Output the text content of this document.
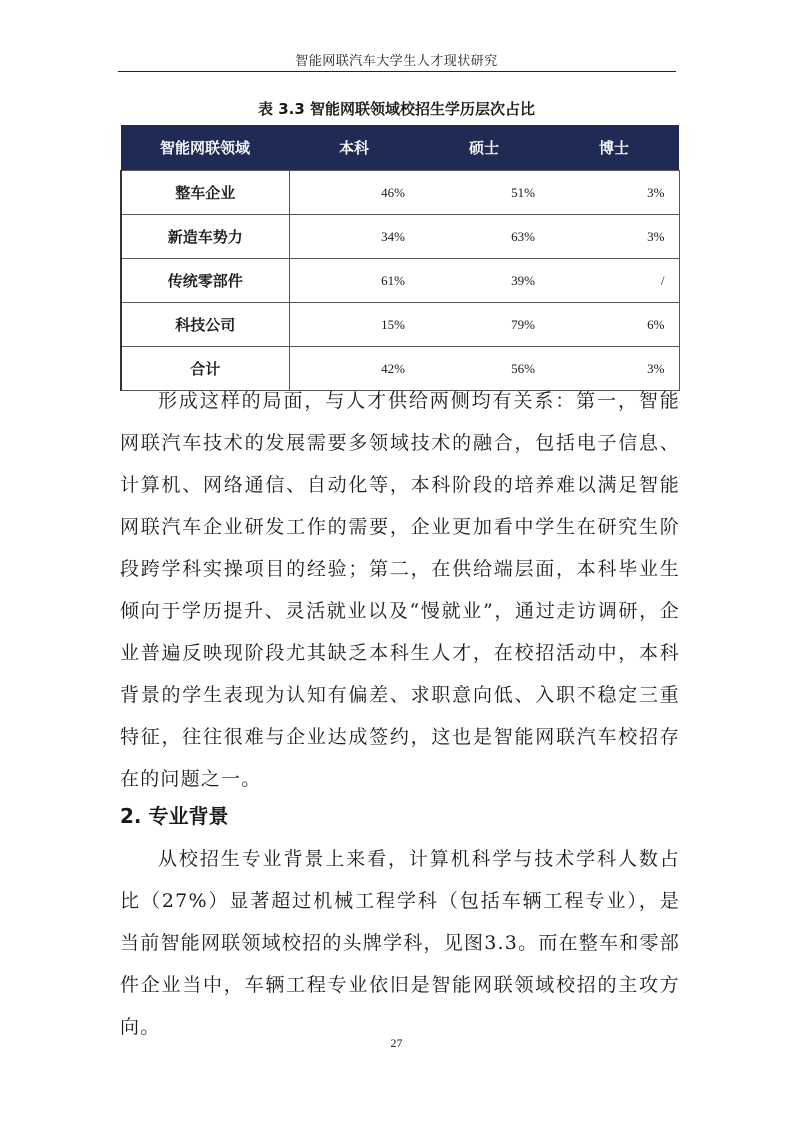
智能网联汽车大学生人才现状研究
表 3.3 智能网联领域校招生学历层次占比
智能网联领域	本科	硕士	博士
整车企业	46%	51%	3%
新造车势力	34%	63%	3%
传统零部件	61%	39%	/
科技公司	15%	79%	6%
合计	42%	56%	3%

形成这样的局面，与人才供给两侧均有关系：第一，智能网联汽车技术的发展需要多领域技术的融合，包括电子信息、计算机、网络通信、自动化等，本科阶段的培养难以满足智能网联汽车企业研发工作的需要，企业更加看中学生在研究生阶段跨学科实操项目的经验；第二，在供给端层面，本科毕业生倾向于学历提升、灵活就业以及“慢就业”，通过走访调研，企业普遍反映现阶段尤其缺乏本科生人才，在校招活动中，本科背景的学生表现为认知有偏差、求职意向低、入职不稳定三重特征，往往很难与企业达成签约，这也是智能网联汽车校招存在的问题之一。

2. 专业背景

从校招生专业背景上来看，计算机科学与技术学科人数占比（27%）显著超过机械工程学科（包括车辆工程专业），是当前智能网联领域校招的头牌学科，见图3.3。而在整车和零部件企业当中，车辆工程专业依旧是智能网联领域校招的主攻方向。

27
